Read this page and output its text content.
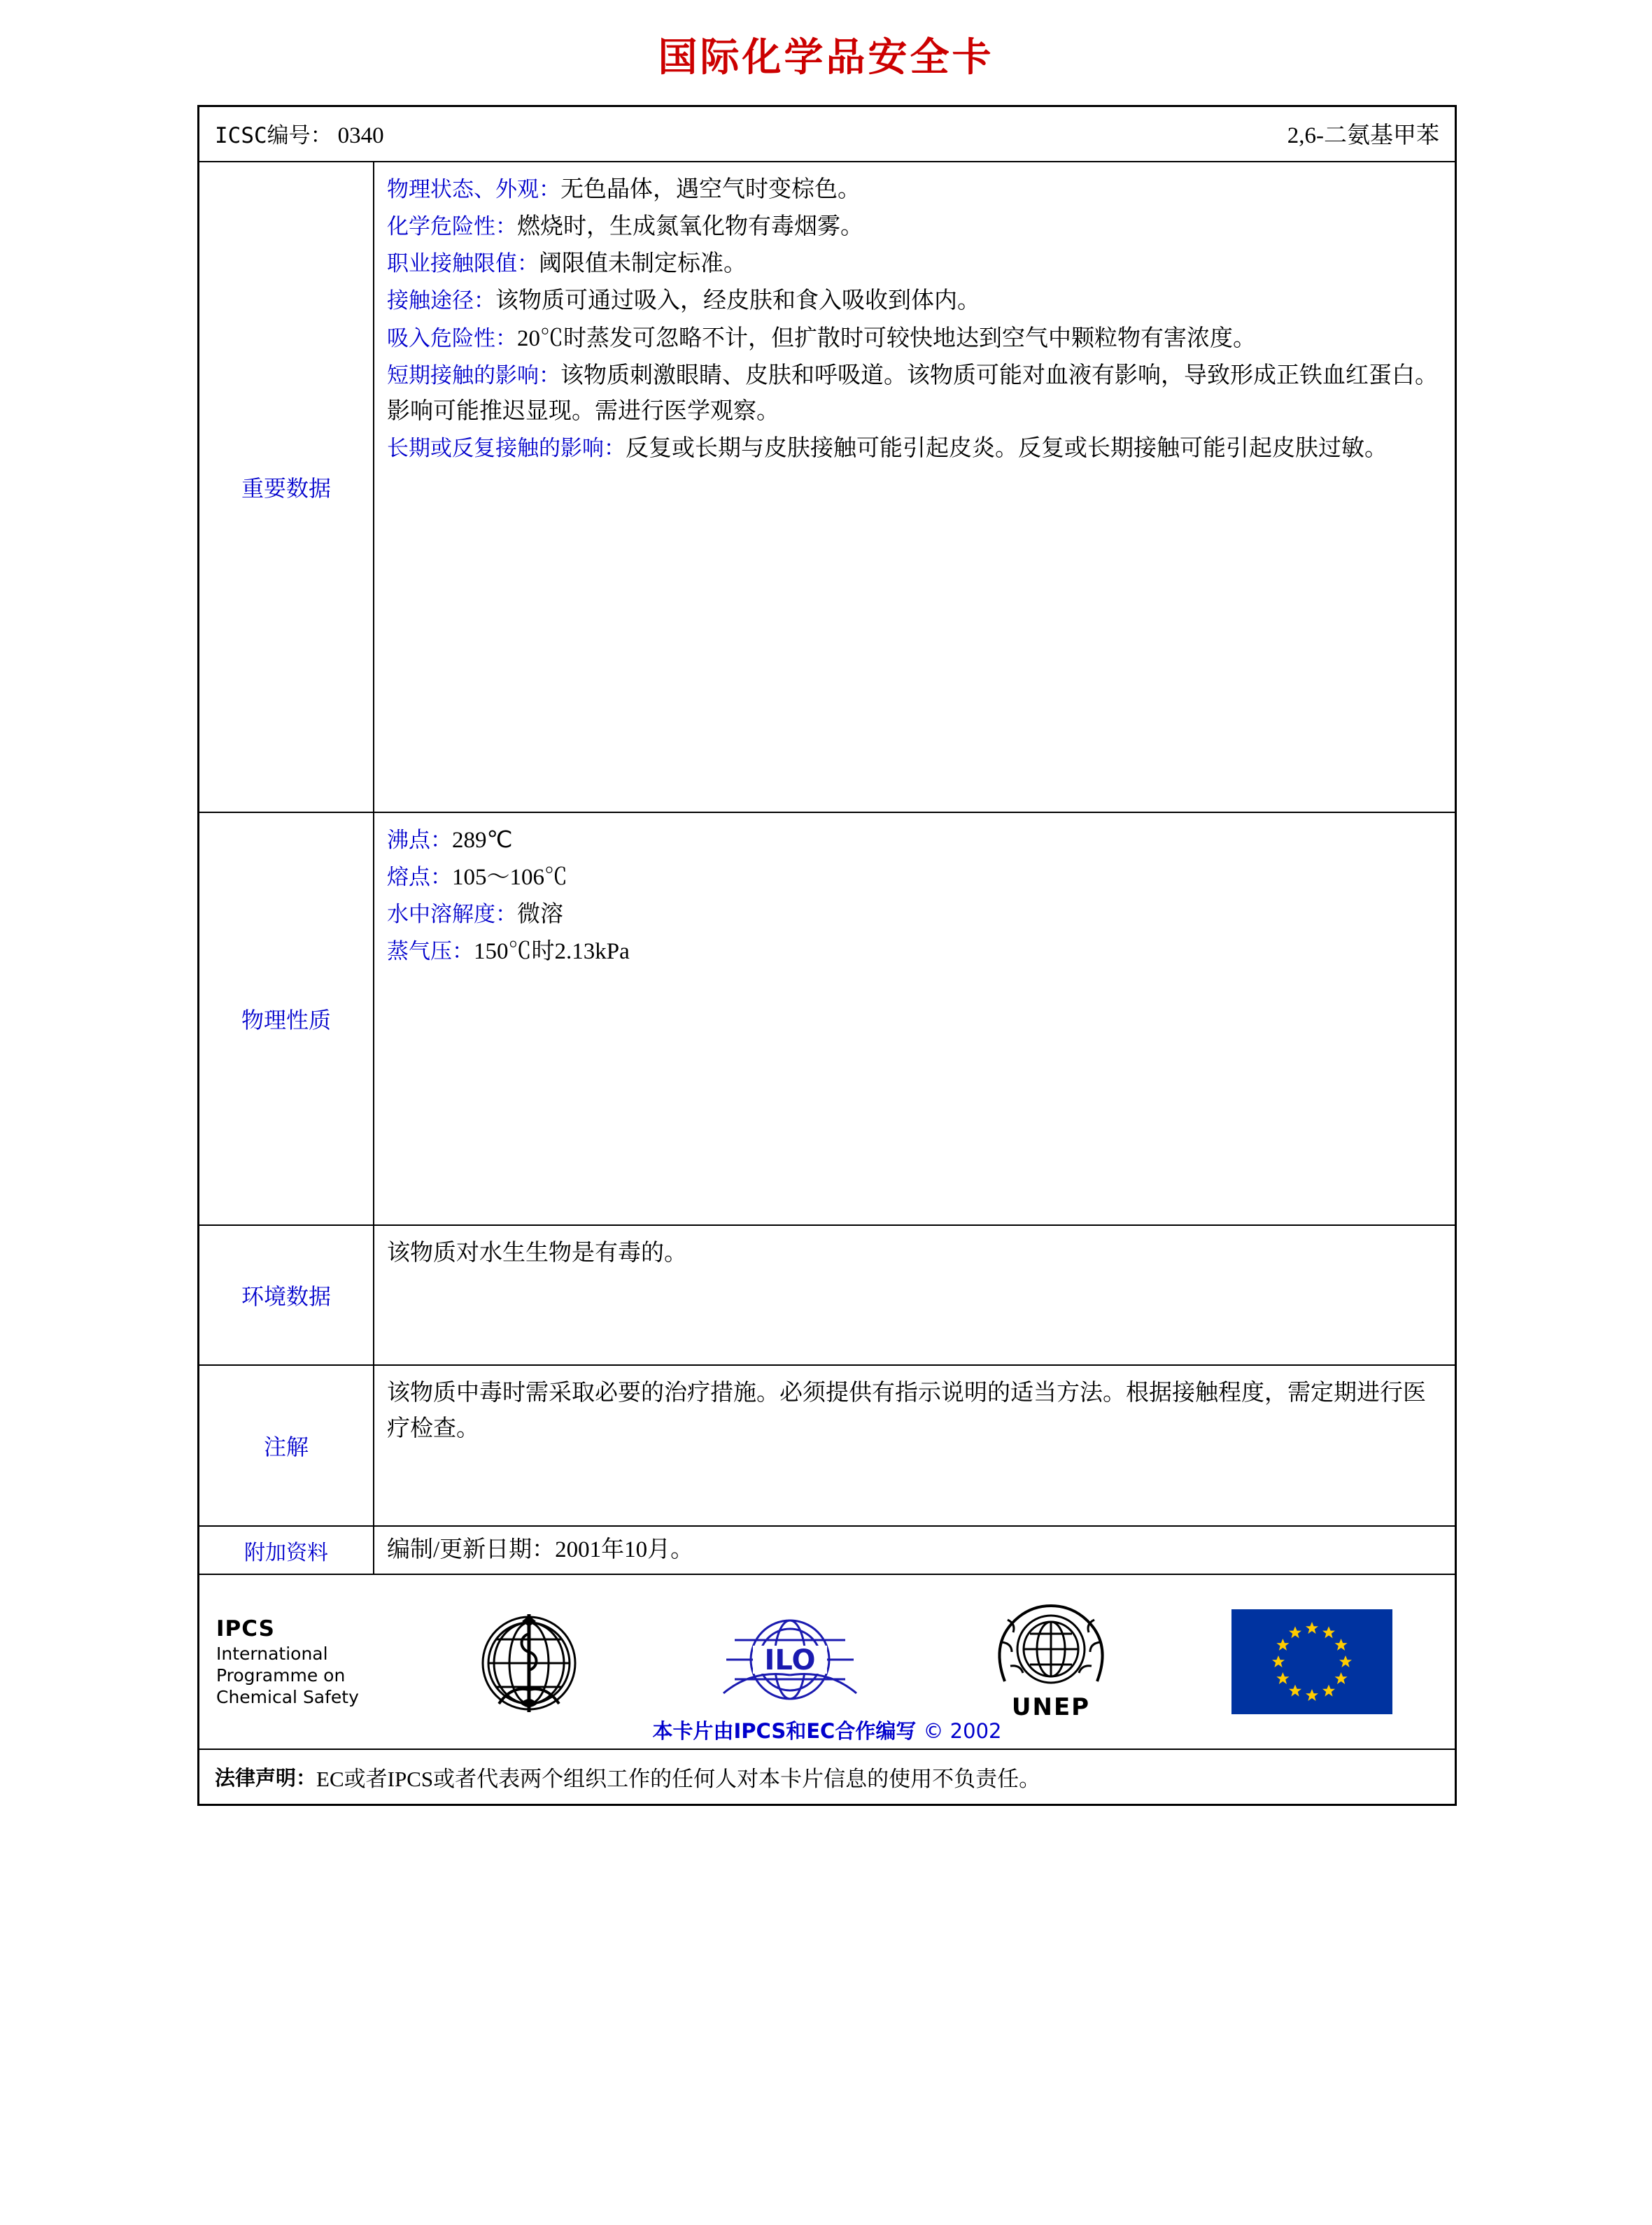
国际化学品安全卡
ICSC编号： 0340	2,6-二氨基甲苯
重要数据
物理状态、外观：无色晶体，遇空气时变棕色。
化学危险性：燃烧时，生成氮氧化物有毒烟雾。
职业接触限值：阈限值未制定标准。
接触途径：该物质可通过吸入，经皮肤和食入吸收到体内。
吸入危险性：20℃时蒸发可忽略不计，但扩散时可较快地达到空气中颗粒物有害浓度。
短期接触的影响：该物质刺激眼睛、皮肤和呼吸道。该物质可能对血液有影响，导致形成正铁血红蛋白。影响可能推迟显现。需进行医学观察。
长期或反复接触的影响：反复或长期与皮肤接触可能引起皮炎。反复或长期接触可能引起皮肤过敏。
物理性质
沸点：289℃
熔点：105～106℃
水中溶解度：微溶
蒸气压：150℃时2.13kPa
环境数据
该物质对水生生物是有毒的。
注解
该物质中毒时需采取必要的治疗措施。必须提供有指示说明的适当方法。根据接触程度，需定期进行医疗检查。
附加资料	编制/更新日期：2001年10月。
IPCS
International
Programme on
Chemical Safety
ILO
UNEP
本卡片由IPCS和EC合作编写 © 2002
法律声明： EC或者IPCS或者代表两个组织工作的任何人对本卡片信息的使用不负责任。
